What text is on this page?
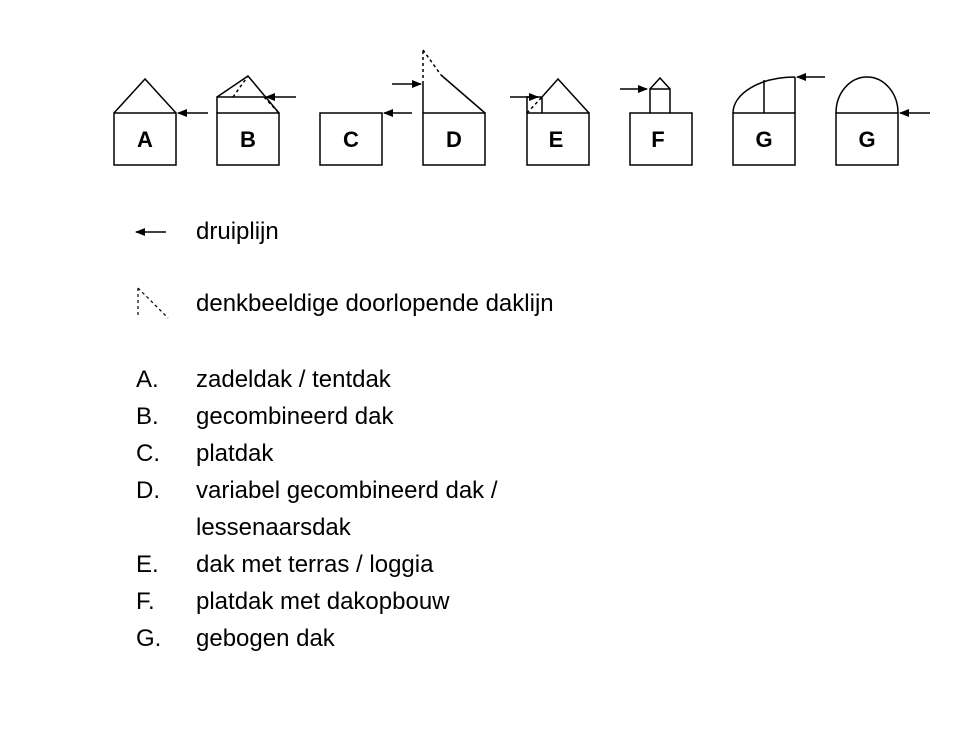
A	B	C	D	E	F	G	G
druiplijn
denkbeeldige doorlopende daklijn
A. zadeldak / tentdak
B. gecombineerd dak
C. platdak
D. variabel gecombineerd dak /
lessenaarsdak
E. dak met terras / loggia
F. platdak met dakopbouw
G. gebogen dak
